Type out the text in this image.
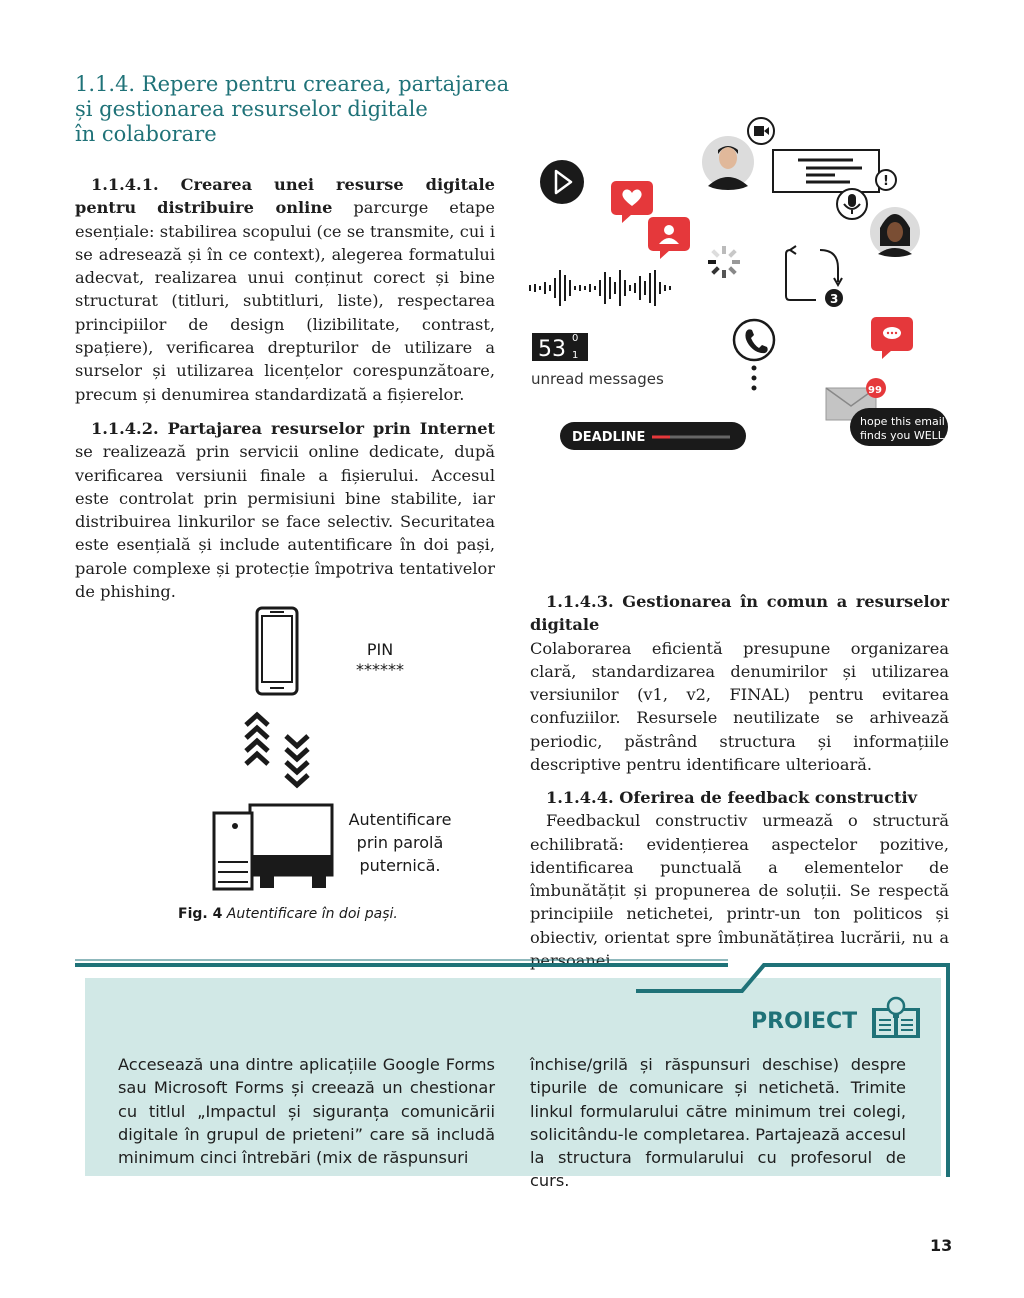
1.1.4. Repere pentru crearea, partajarea
și gestionarea resurselor digitale
în colaborare
1.1.4.1. Crearea unei resurse digitale pentru distribuire online parcurge etape esențiale: stabilirea scopului (ce se transmite, cui i se adresează și în ce context), alegerea formatului adecvat, realizarea unui conținut corect și bine structurat (titluri, subtitluri, liste), respectarea principiilor de design (lizibilitate, contrast, spațiere), verificarea drepturilor de utilizare a surselor și utilizarea licențelor corespunzătoare, precum și denumirea standardizată a fișierelor.
1.1.4.2. Partajarea resurselor prin Internet se realizează prin servicii online dedicate, după verificarea versiunii finale a fișierului. Accesul este controlat prin permisiuni bine stabilite, iar distribuirea linkurilor se face selectiv. Securitatea este esențială și include autentificare în doi pași, parole complexe și protecție împotriva tentativelor de phishing.
1.1.4.3. Gestionarea în comun a resurselor digitale
Colaborarea eficientă presupune organizarea clară, standardizarea denumirilor și utilizarea versiunilor (v1, v2, FINAL) pentru evitarea confuziilor. Resursele neutilizate se arhivează periodic, păstrând structura și informațiile descriptive pentru identificare ulterioară.
1.1.4.4. Oferirea de feedback constructiv
Feedbackul constructiv urmează o structură echilibrată: evidențierea aspectelor pozitive, identificarea punctuală a elementelor de îmbunătățit și propunerea de soluții. Se respectă principiile netichetei, printr-un ton politicos și obiectiv, orientat spre îmbunătățirea lucrării, nu a persoanei.
53 0
1
unread messages
DEADLINE
!
3
99
hope this email
finds you WELL
PIN
******
Autentificare
prin parolă
puternică.
Fig. 4 Autentificare în doi pași.
PROIECT
Accesează una dintre aplicațiile Google Forms sau Microsoft Forms și creează un chestionar cu titlul „Impactul și siguranța comunicării digitale în grupul de prieteni” care să includă minimum cinci întrebări (mix de răspunsuri
închise/grilă și răspunsuri deschise) despre tipurile de comunicare și netichetă. Trimite linkul formularului către minimum trei colegi, solicitându-le completarea. Partajează accesul la structura formularului cu profesorul de curs.
13
